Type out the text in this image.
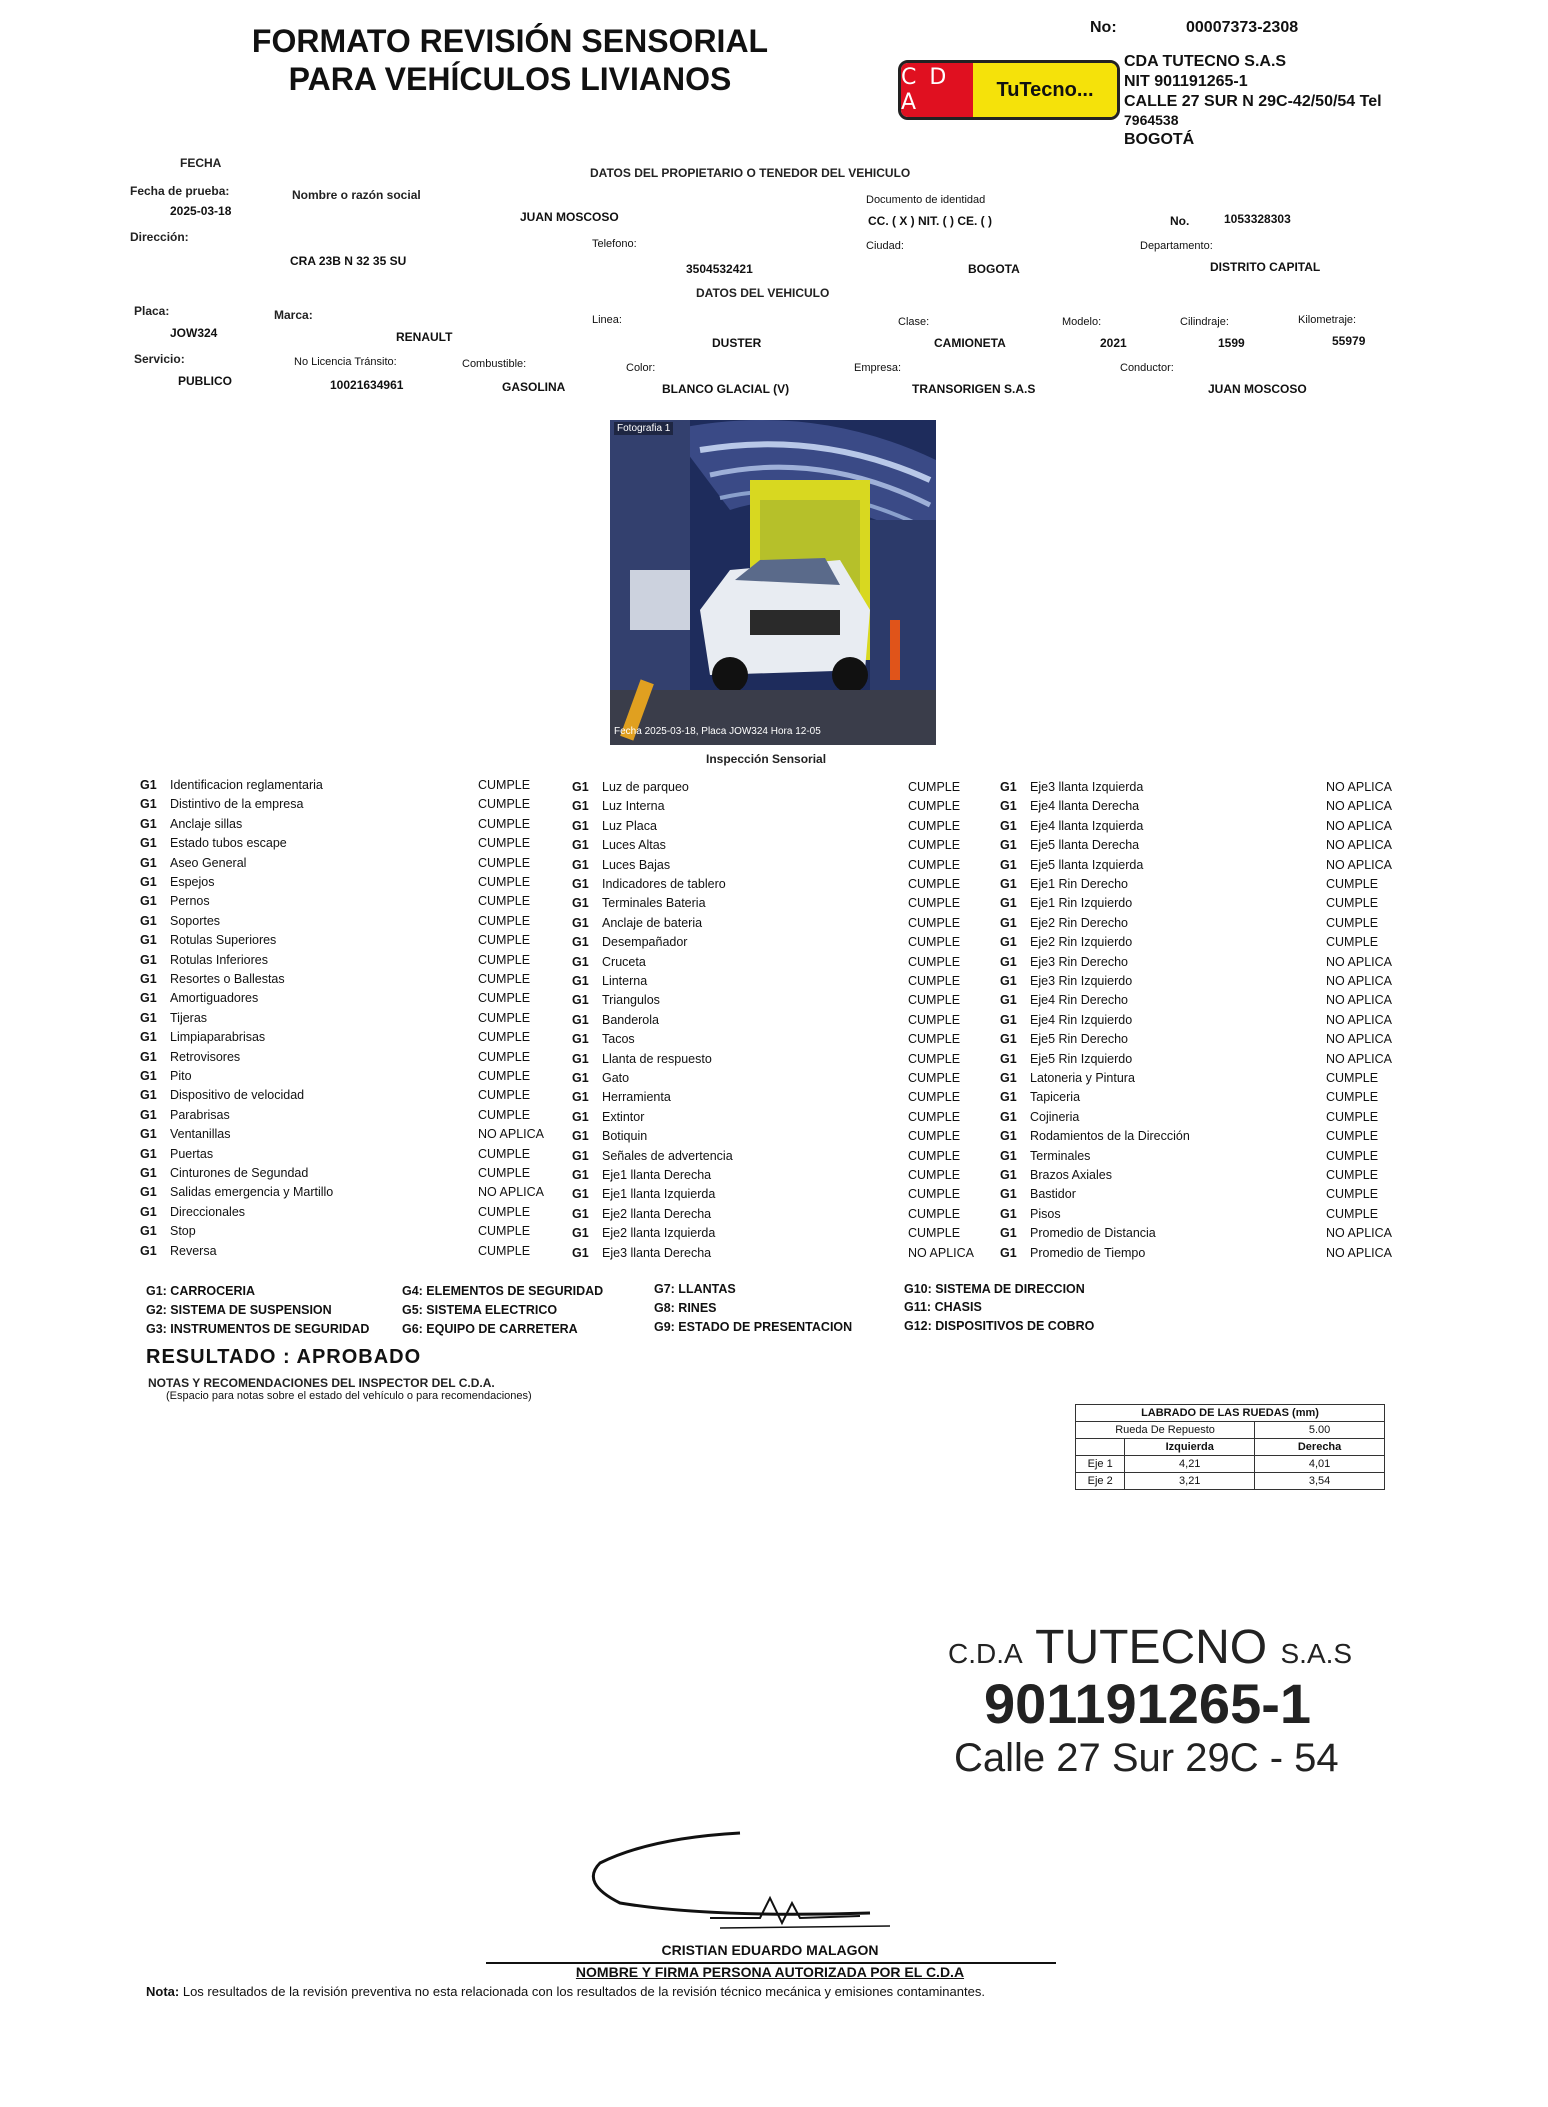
FORMATO REVISIÓN SENSORIAL
PARA VEHÍCULOS LIVIANOS
No:	00007373-2308
C D A
TuTecno...
CDA TUTECNO S.A.S
NIT 901191265-1
CALLE 27 SUR N 29C-42/50/54 Tel
7964538
BOGOTÁ
FECHA
DATOS DEL PROPIETARIO O TENEDOR DEL VEHICULO
Fecha de prueba:
2025-03-18
Nombre o razón social
JUAN MOSCOSO
Documento de identidad
CC. ( X ) NIT. ( ) CE. ( )	No.	1053328303
Dirección:
CRA 23B N 32 35 SU
Telefono:
3504532421
Ciudad:
BOGOTA
Departamento:
DISTRITO CAPITAL
DATOS DEL VEHICULO
Placa:
JOW324
Marca:
RENAULT
Linea:
DUSTER
Clase:
CAMIONETA
Modelo:
2021
Cilindraje:
1599
Kilometraje:
55979
Servicio:
PUBLICO
No Licencia Tránsito:
10021634961
Combustible:
GASOLINA
Color:
BLANCO GLACIAL (V)
Empresa:
TRANSORIGEN S.A.S
Conductor:
JUAN MOSCOSO
Fotografia 1
Fecha 2025-03-18, Placa JOW324 Hora 12-05
Inspección Sensorial
G1 Identificacion reglamentaria	CUMPLE
G1 Distintivo de la empresa	CUMPLE
G1 Anclaje sillas	CUMPLE
G1 Estado tubos escape	CUMPLE
G1 Aseo General	CUMPLE
G1 Espejos	CUMPLE
G1 Pernos	CUMPLE
G1 Soportes	CUMPLE
G1 Rotulas Superiores	CUMPLE
G1 Rotulas Inferiores	CUMPLE
G1 Resortes o Ballestas	CUMPLE
G1 Amortiguadores	CUMPLE
G1 Tijeras	CUMPLE
G1 Limpiaparabrisas	CUMPLE
G1 Retrovisores	CUMPLE
G1 Pito	CUMPLE
G1 Dispositivo de velocidad	CUMPLE
G1 Parabrisas	CUMPLE
G1 Ventanillas	NO APLICA
G1 Puertas	CUMPLE
G1 Cinturones de Segundad	CUMPLE
G1 Salidas emergencia y Martillo	NO APLICA
G1 Direccionales	CUMPLE
G1 Stop	CUMPLE
G1 Reversa	CUMPLE
G1 Luz de parqueo	CUMPLE
G1 Luz Interna	CUMPLE
G1 Luz Placa	CUMPLE
G1 Luces Altas	CUMPLE
G1 Luces Bajas	CUMPLE
G1 Indicadores de tablero	CUMPLE
G1 Terminales Bateria	CUMPLE
G1 Anclaje de bateria	CUMPLE
G1 Desempañador	CUMPLE
G1 Cruceta	CUMPLE
G1 Linterna	CUMPLE
G1 Triangulos	CUMPLE
G1 Banderola	CUMPLE
G1 Tacos	CUMPLE
G1 Llanta de respuesto	CUMPLE
G1 Gato	CUMPLE
G1 Herramienta	CUMPLE
G1 Extintor	CUMPLE
G1 Botiquin	CUMPLE
G1 Señales de advertencia	CUMPLE
G1 Eje1 llanta Derecha	CUMPLE
G1 Eje1 llanta Izquierda	CUMPLE
G1 Eje2 llanta Derecha	CUMPLE
G1 Eje2 llanta Izquierda	CUMPLE
G1 Eje3 llanta Derecha	NO APLICA
G1 Eje3 llanta Izquierda	NO APLICA
G1 Eje4 llanta Derecha	NO APLICA
G1 Eje4 llanta Izquierda	NO APLICA
G1 Eje5 llanta Derecha	NO APLICA
G1 Eje5 llanta Izquierda	NO APLICA
G1 Eje1 Rin Derecho	CUMPLE
G1 Eje1 Rin Izquierdo	CUMPLE
G1 Eje2 Rin Derecho	CUMPLE
G1 Eje2 Rin Izquierdo	CUMPLE
G1 Eje3 Rin Derecho	NO APLICA
G1 Eje3 Rin Izquierdo	NO APLICA
G1 Eje4 Rin Derecho	NO APLICA
G1 Eje4 Rin Izquierdo	NO APLICA
G1 Eje5 Rin Derecho	NO APLICA
G1 Eje5 Rin Izquierdo	NO APLICA
G1 Latoneria y Pintura	CUMPLE
G1 Tapiceria	CUMPLE
G1 Cojineria	CUMPLE
G1 Rodamientos de la Dirección	CUMPLE
G1 Terminales	CUMPLE
G1 Brazos Axiales	CUMPLE
G1 Bastidor	CUMPLE
G1 Pisos	CUMPLE
G1 Promedio de Distancia	NO APLICA
G1 Promedio de Tiempo	NO APLICA
G1: CARROCERIA
G2: SISTEMA DE SUSPENSION
G3: INSTRUMENTOS DE SEGURIDAD
G4: ELEMENTOS DE SEGURIDAD
G5: SISTEMA ELECTRICO
G6: EQUIPO DE CARRETERA
G7: LLANTAS
G8: RINES
G9: ESTADO DE PRESENTACION
G10: SISTEMA DE DIRECCION
G11: CHASIS
G12: DISPOSITIVOS DE COBRO
RESULTADO : APROBADO
NOTAS Y RECOMENDACIONES DEL INSPECTOR DEL C.D.A.
(Espacio para notas sobre el estado del vehículo o para recomendaciones)
LABRADO DE LAS RUEDAS (mm)		
Rueda De Repuesto		5.00
	Izquierda	Derecha
Eje 1	4,21	4,01
Eje 2	3,21	3,54
C.D.A TUTECNO S.A.S
901191265-1
Calle 27 Sur 29C - 54
CRISTIAN EDUARDO MALAGON
NOMBRE Y FIRMA PERSONA AUTORIZADA POR EL C.D.A
Nota: Los resultados de la revisión preventiva no esta relacionada con los resultados de la revisión técnico mecánica y emisiones contaminantes.
